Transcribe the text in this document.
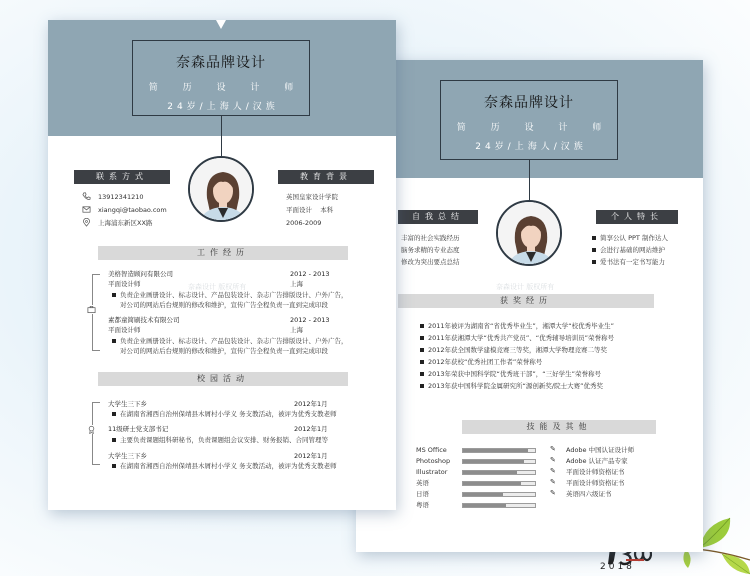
奈森品牌设计
简 历 设 计 师
24岁/上海人/汉族
自我总结
丰富的社会实践经历
脑务求精的专业态度
修改为突出要点总结
个人特长
简享公认 PPT 制作达人
会进行基础的网站维护
爱书法有一定书写能力
获奖经历
2011年被评为湖南省“省优秀毕业生”，湘潭大学“校优秀毕业生”
2011年获湘潭大学“优秀共产党员”、“优秀辅导培训员”荣誉称号
2012年获全国数学建模竞赛三等奖，湘潭大学物理竞赛二等奖
2012年获校“优秀社团工作者”荣誉称号
2013年荣获中国科学院“优秀班干部”，“三好学生”荣誉称号
2013年获中国科学院金属研究所“源创新奖/院士大赛”优秀奖
技能及其他
MS Office
Photoshop
Illustrator
英语
日语
粤语
✎ Adobe 中国认证设计师
✎ Adobe 认证产品专家
✎ 平面设计师资格证书
✎ 平面设计师资格证书
✎ 英语四六级证书
奈森品牌设计
简 历 设 计 师
24岁/上海人/汉族
联系方式
13912341210
xiangqi@taobao.com
上海浦东新区XX路
教育背景
英国皇家设计学院
平面设计 本科
2006-2009
工作经历
美格智造顾问有限公司	2012 - 2013
平面设计师	上海
负责企业画册设计、标志设计、产品包装设计、杂志广告排版设计、户外广告，
对公司的网站后台规则的修改和维护，宣传广告全程负责一直到完成印段
素都童简刷技术有限公司	2012 - 2013
平面设计师	上海
负责企业画册设计、标志设计、产品包装设计、杂志广告排版设计、户外广告，
对公司的网站后台规则的修改和维护，宣传广告全程负责一直到完成印段
校园活动
大学生三下乡	2012年1月
在湖南省湘西自治州保靖县木屑村小学义 务支教活动，被评为优秀支教老师
11级研士党支部书记	2012年1月
主要负责课题组科研秘书，负责课题组会议安排、财务报销、合同管理等
大学生三下乡	2012年1月
在湖南省湘西自治州保靖县木屑村小学义 务支教活动，被评为优秀支教老师
奈森设计 版权所有	奈森设计 版权所有
2018
